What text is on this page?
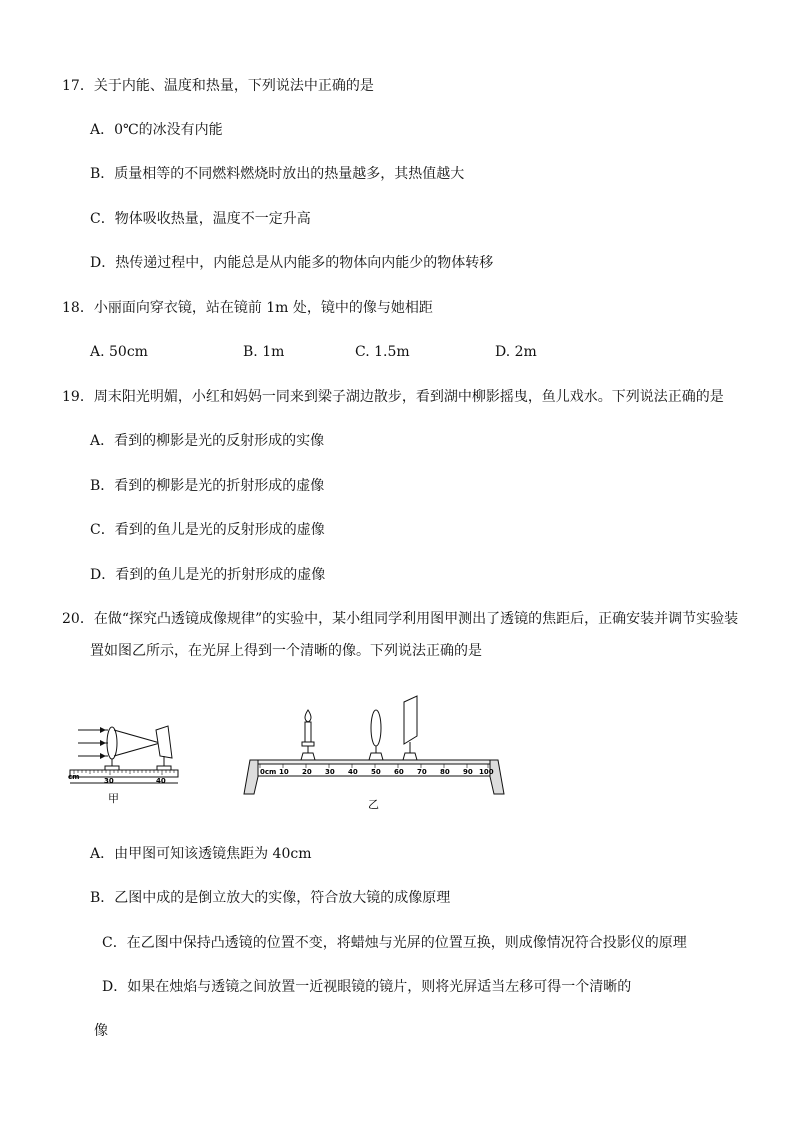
17．关于内能、温度和热量，下列说法中正确的是
A．0℃的冰没有内能
B．质量相等的不同燃料燃烧时放出的热量越多，其热值越大
C．物体吸收热量，温度不一定升高
D．热传递过程中，内能总是从内能多的物体向内能少的物体转移
18．小丽面向穿衣镜，站在镜前 1m 处，镜中的像与她相距
A. 50cm	B. 1m	C. 1.5m	D. 2m
19．周末阳光明媚，小红和妈妈一同来到梁子湖边散步，看到湖中柳影摇曳，鱼儿戏水。下列说法正确的是
A．看到的柳影是光的反射形成的实像
B．看到的柳影是光的折射形成的虚像
C．看到的鱼儿是光的反射形成的虚像
D．看到的鱼儿是光的折射形成的虚像
20．在做“探究凸透镜成像规律”的实验中，某小组同学利用图甲测出了透镜的焦距后，正确安装并调节实验装
置如图乙所示，在光屏上得到一个清晰的像。下列说法正确的是
cm	30	40
甲
0cm 10 20 30 40 50 60 70 80 90 100
乙
A．由甲图可知该透镜焦距为 40cm
B．乙图中成的是倒立放大的实像，符合放大镜的成像原理
C．在乙图中保持凸透镜的位置不变，将蜡烛与光屏的位置互换，则成像情况符合投影仪的原理
D．如果在烛焰与透镜之间放置一近视眼镜的镜片，则将光屏适当左移可得一个清晰的
像
